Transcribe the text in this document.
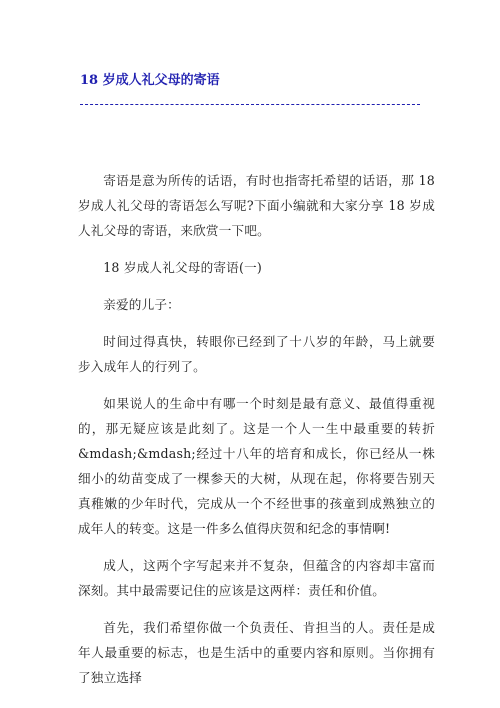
18 岁成人礼父母的寄语

寄语是意为所传的话语，有时也指寄托希望的话语，那 18 岁成人礼父母的寄语怎么写呢?下面小编就和大家分享 18 岁成人礼父母的寄语，来欣赏一下吧。

18 岁成人礼父母的寄语(一)

亲爱的儿子：

时间过得真快，转眼你已经到了十八岁的年龄，马上就要步入成年人的行列了。

如果说人的生命中有哪一个时刻是最有意义、最值得重视的，那无疑应该是此刻了。这是一个人一生中最重要的转折&mdash;&mdash;经过十八年的培育和成长，你已经从一株细小的幼苗变成了一棵参天的大树，从现在起，你将要告别天真稚嫩的少年时代，完成从一个不经世事的孩童到成熟独立的成年人的转变。这是一件多么值得庆贺和纪念的事情啊!

成人，这两个字写起来并不复杂，但蕴含的内容却丰富而深刻。其中最需要记住的应该是这两样：责任和价值。

首先，我们希望你做一个负责任、肯担当的人。责任是成年人最重要的标志，也是生活中的重要内容和原则。当你拥有了独立选择
